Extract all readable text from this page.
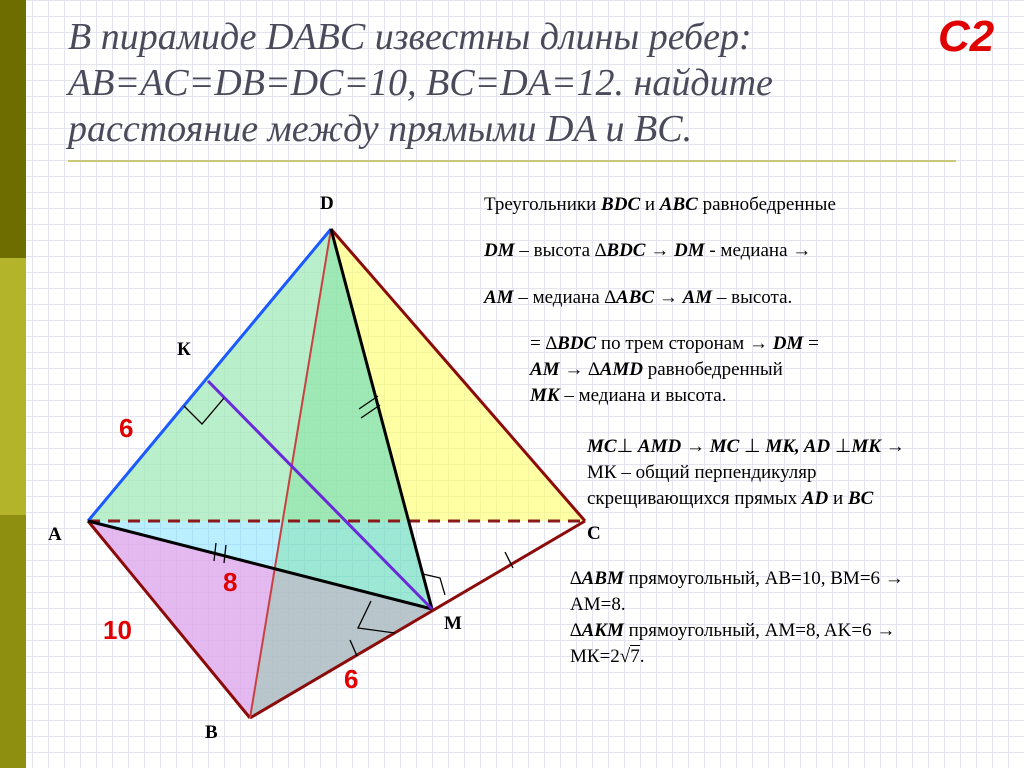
В пирамиде DABC известны длины ребер:
AB=AC=DB=DC=10, BC=DA=12. найдите
расстояние между прямыми DA и BC.
C2
D
К
A	C
M
B
6
8
10
6
Треугольники BDC и ABC равнобедренные
DM – высота ∆BDC → DM - медиана →
AM – медиана ∆ABC → AM – высота.
= ∆BDC по трем сторонам → DM =
AM → ∆AMD равнобедренный
MK – медиана и высота.
MC⊥ AMD → MC ⊥ MK, AD ⊥MK →
МК – общий перпендикуляр
скрещивающихся прямых AD и BC
∆ABM прямоугольный, AB=10, BM=6 →
AM=8.
∆AKM прямоугольный, AM=8, AK=6 →
МК=2√7.
